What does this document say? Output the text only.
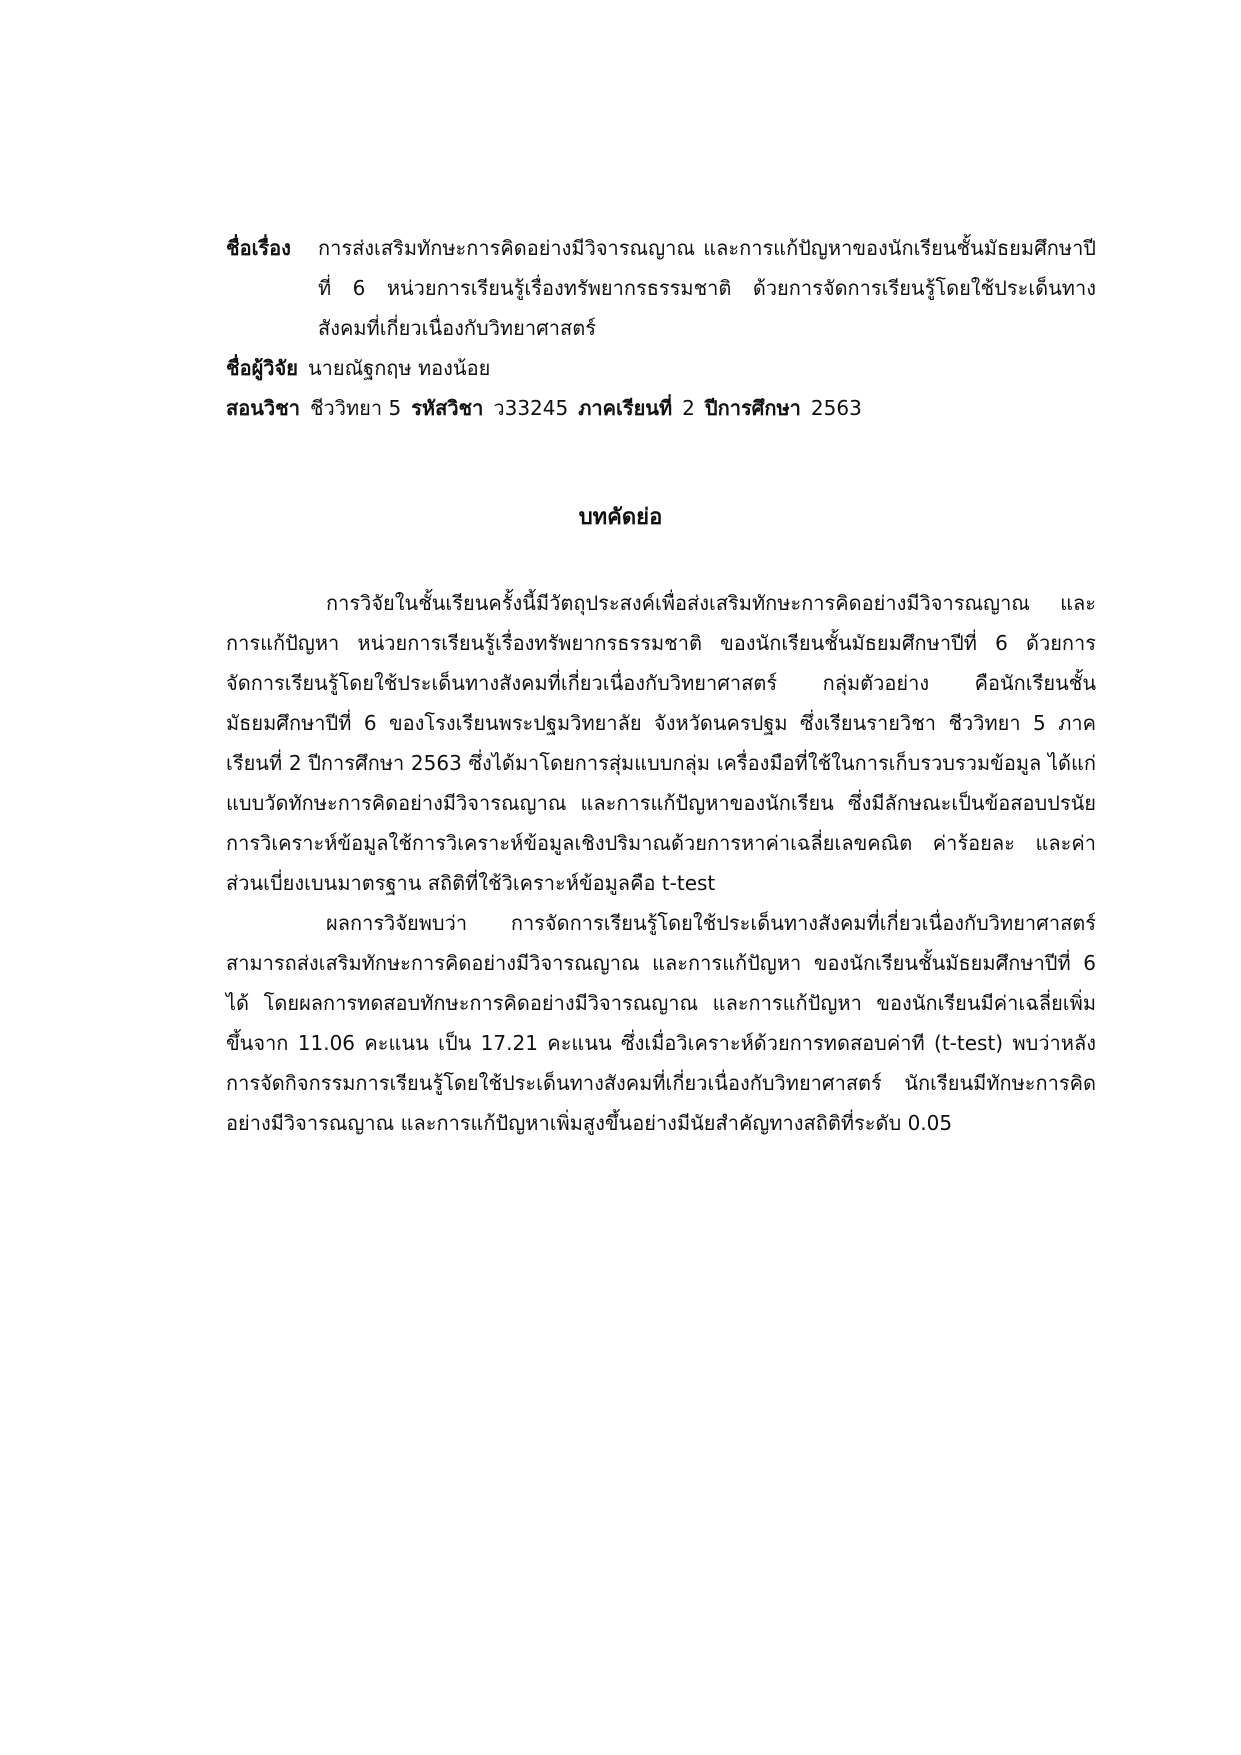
ชื่อเรื่อง	การส่งเสริมทักษะการคิดอย่างมีวิจารณญาณ และการแก้ปัญหาของนักเรียนชั้นมัธยมศึกษาปีที่ 6 หน่วยการเรียนรู้เรื่องทรัพยากรธรรมชาติ ด้วยการจัดการเรียนรู้โดยใช้ประเด็นทางสังคมที่เกี่ยวเนื่องกับวิทยาศาสตร์
ชื่อผู้วิจัย นายณัฐกฤษ ทองน้อย
สอนวิชา ชีววิทยา 5 รหัสวิชา ว33245 ภาคเรียนที่ 2 ปีการศึกษา 2563
บทคัดย่อ

การวิจัยในชั้นเรียนครั้งนี้มีวัตถุประสงค์เพื่อส่งเสริมทักษะการคิดอย่างมีวิจารณญาณ และการแก้ปัญหา หน่วยการเรียนรู้เรื่องทรัพยากรธรรมชาติ ของนักเรียนชั้นมัธยมศึกษาปีที่ 6 ด้วยการจัดการเรียนรู้โดยใช้ประเด็นทางสังคมที่เกี่ยวเนื่องกับวิทยาศาสตร์ กลุ่มตัวอย่าง คือนักเรียนชั้นมัธยมศึกษาปีที่ 6 ของโรงเรียนพระปฐมวิทยาลัย จังหวัดนครปฐม ซึ่งเรียนรายวิชา ชีววิทยา 5 ภาคเรียนที่ 2 ปีการศึกษา 2563 ซึ่งได้มาโดยการสุ่มแบบกลุ่ม เครื่องมือที่ใช้ในการเก็บรวบรวมข้อมูล ได้แก่ แบบวัดทักษะการคิดอย่างมีวิจารณญาณ และการแก้ปัญหาของนักเรียน ซึ่งมีลักษณะเป็นข้อสอบปรนัย การวิเคราะห์ข้อมูลใช้การวิเคราะห์ข้อมูลเชิงปริมาณด้วยการหาค่าเฉลี่ยเลขคณิต ค่าร้อยละ และค่าส่วนเบี่ยงเบนมาตรฐาน สถิติที่ใช้วิเคราะห์ข้อมูลคือ t-test

ผลการวิจัยพบว่า การจัดการเรียนรู้โดยใช้ประเด็นทางสังคมที่เกี่ยวเนื่องกับวิทยาศาสตร์ สามารถส่งเสริมทักษะการคิดอย่างมีวิจารณญาณ และการแก้ปัญหา ของนักเรียนชั้นมัธยมศึกษาปีที่ 6 ได้ โดยผลการทดสอบทักษะการคิดอย่างมีวิจารณญาณ และการแก้ปัญหา ของนักเรียนมีค่าเฉลี่ยเพิ่มขึ้นจาก 11.06 คะแนน เป็น 17.21 คะแนน ซึ่งเมื่อวิเคราะห์ด้วยการทดสอบค่าที (t-test) พบว่าหลังการจัดกิจกรรมการเรียนรู้โดยใช้ประเด็นทางสังคมที่เกี่ยวเนื่องกับวิทยาศาสตร์ นักเรียนมีทักษะการคิดอย่างมีวิจารณญาณ และการแก้ปัญหาเพิ่มสูงขึ้นอย่างมีนัยสำคัญทางสถิติที่ระดับ 0.05
